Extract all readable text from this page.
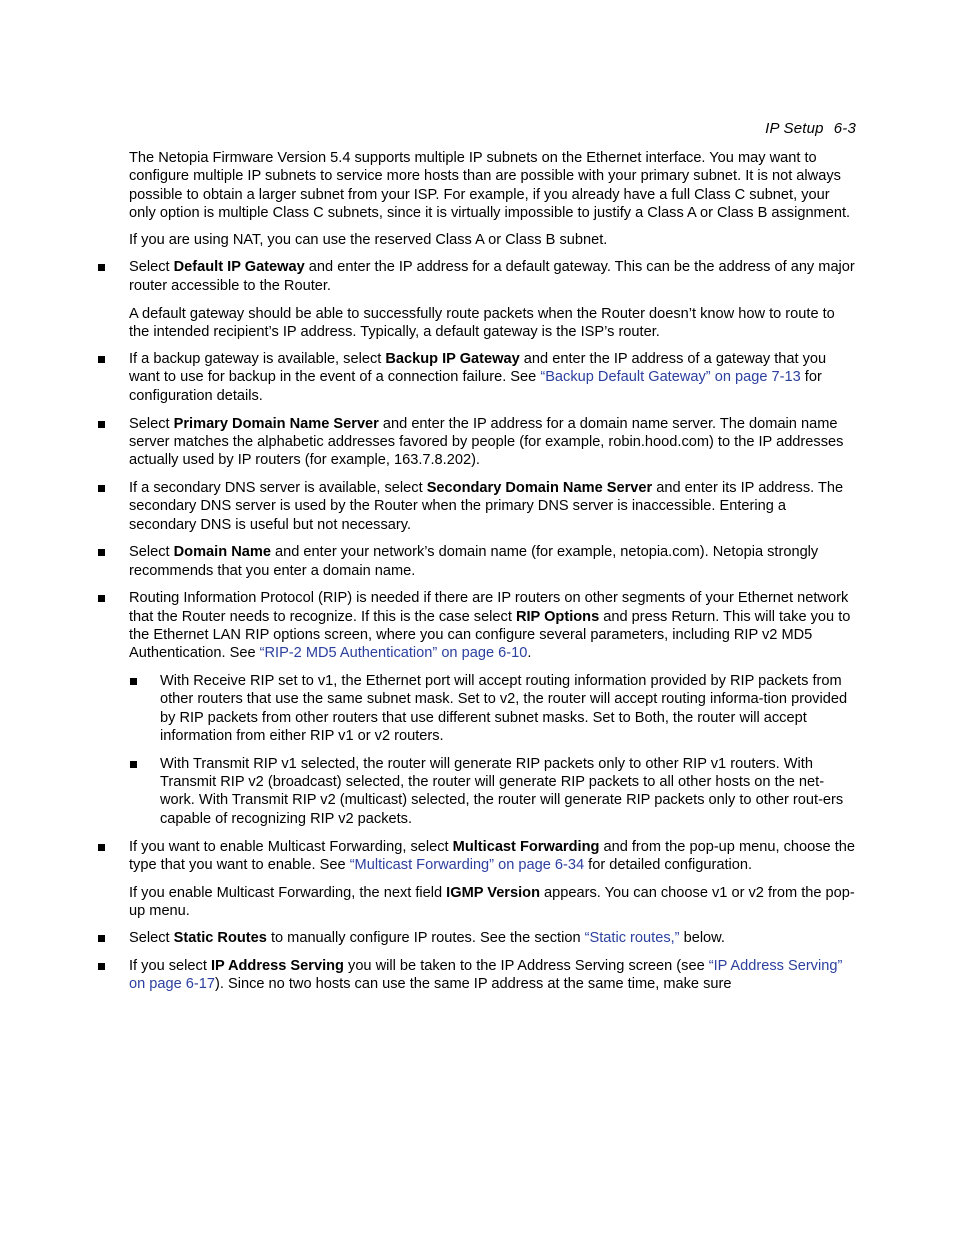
IP Setup 6-3

The Netopia Firmware Version 5.4 supports multiple IP subnets on the Ethernet interface. You may want to configure multiple IP subnets to service more hosts than are possible with your primary subnet. It is not always possible to obtain a larger subnet from your ISP. For example, if you already have a full Class C subnet, your only option is multiple Class C subnets, since it is virtually impossible to justify a Class A or Class B assignment.

If you are using NAT, you can use the reserved Class A or Class B subnet.

Select Default IP Gateway and enter the IP address for a default gateway. This can be the address of any major router accessible to the Router.

A default gateway should be able to successfully route packets when the Router doesn’t know how to route to the intended recipient’s IP address. Typically, a default gateway is the ISP’s router.

If a backup gateway is available, select Backup IP Gateway and enter the IP address of a gateway that you want to use for backup in the event of a connection failure. See “Backup Default Gateway” on page 7-13 for configuration details.
Select Primary Domain Name Server and enter the IP address for a domain name server. The domain name server matches the alphabetic addresses favored by people (for example, robin.hood.com) to the IP addresses actually used by IP routers (for example, 163.7.8.202).
If a secondary DNS server is available, select Secondary Domain Name Server and enter its IP address. The secondary DNS server is used by the Router when the primary DNS server is inaccessible. Entering a secondary DNS is useful but not necessary.
Select Domain Name and enter your network’s domain name (for example, netopia.com). Netopia strongly recommends that you enter a domain name.
Routing Information Protocol (RIP) is needed if there are IP routers on other segments of your Ethernet network that the Router needs to recognize. If this is the case select RIP Options and press Return. This will take you to the Ethernet LAN RIP options screen, where you can configure several parameters, including RIP v2 MD5 Authentication. See “RIP-2 MD5 Authentication” on page 6-10.
With Receive RIP set to v1, the Ethernet port will accept routing information provided by RIP packets from other routers that use the same subnet mask. Set to v2, the router will accept routing informa-tion provided by RIP packets from other routers that use different subnet masks. Set to Both, the router will accept information from either RIP v1 or v2 routers.
With Transmit RIP v1 selected, the router will generate RIP packets only to other RIP v1 routers. With Transmit RIP v2 (broadcast) selected, the router will generate RIP packets to all other hosts on the net-work. With Transmit RIP v2 (multicast) selected, the router will generate RIP packets only to other rout-ers capable of recognizing RIP v2 packets.
If you want to enable Multicast Forwarding, select Multicast Forwarding and from the pop-up menu, choose the type that you want to enable. See “Multicast Forwarding” on page 6-34 for detailed configuration.

If you enable Multicast Forwarding, the next field IGMP Version appears. You can choose v1 or v2 from the pop-up menu.

Select Static Routes to manually configure IP routes. See the section “Static routes,” below.
If you select IP Address Serving you will be taken to the IP Address Serving screen (see “IP Address Serving” on page 6-17). Since no two hosts can use the same IP address at the same time, make sure
